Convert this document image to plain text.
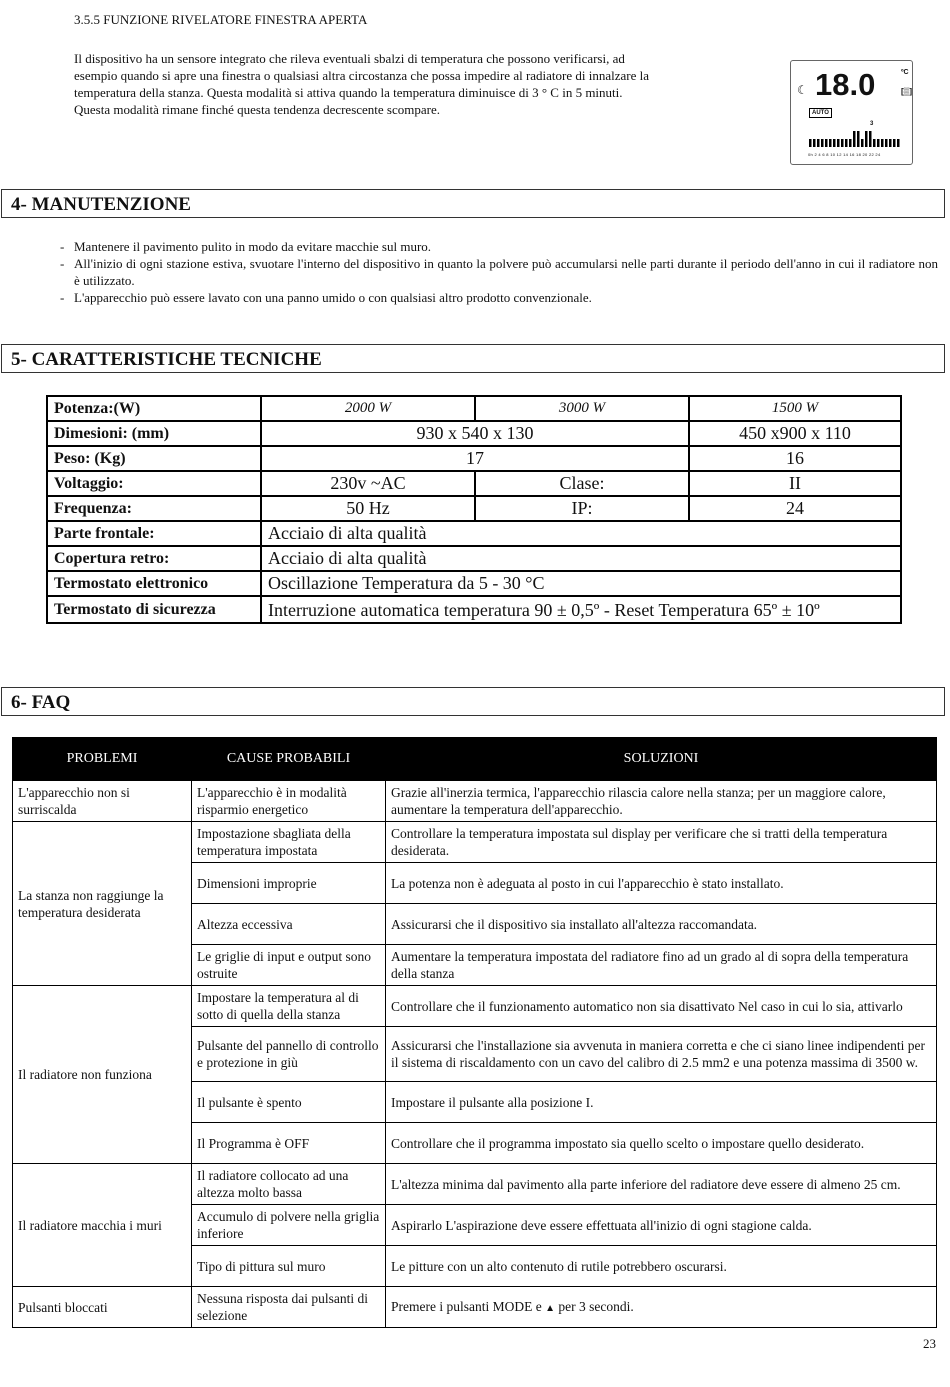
3.5.5 FUNZIONE RIVELATORE FINESTRA APERTA
Il dispositivo ha un sensore integrato che rileva eventuali sbalzi di temperatura che possono verificarsi, ad
esempio quando si apre una finestra o qualsiasi altra circostanza che possa impedire al radiatore di innalzare la
temperatura della stanza. Questa modalità si attiva quando la temperatura diminuisce di 3 ° C in 5 minuti.
Questa modalità rimane finché questa tendenza decrescente scompare.
☾ 18.0	ºC
[▒]
AUTO
3
0h 2 4 6 8 10 12 14 16 18 20 22 24
4- MANUTENZIONE
- Mantenere il pavimento pulito in modo da evitare macchie sul muro.
- All'inizio di ogni stazione estiva, svuotare l'interno del dispositivo in quanto la polvere può accumularsi nelle parti durante il periodo dell'anno in cui il radiatore non è utilizzato.
- L'apparecchio può essere lavato con una panno umido o con qualsiasi altro prodotto convenzionale.
5- CARATTERISTICHE TECNICHE
Potenza:(W)	2000 W	3000 W	1500 W
Dimesioni: (mm)	930 x 540 x 130		450 x900 x 110
Peso: (Kg)	17		16
Voltaggio:	230v ~AC	Clase:	II
Frequenza:	50 Hz	IP:	24
Parte frontale:	Acciaio di alta qualità		
Copertura retro:	Acciaio di alta qualità		
Termostato elettronico	Oscillazione Temperatura da 5 - 30 °C		
Termostato di sicurezza	Interruzione automatica temperatura 90 ± 0,5º - Reset Temperatura 65º ± 10º		
6- FAQ
PROBLEMI	CAUSE PROBABILI	SOLUZIONI
L'apparecchio non si surriscalda	L'apparecchio è in modalità risparmio energetico	Grazie all'inerzia termica, l'apparecchio rilascia calore nella stanza; per un maggiore calore, aumentare la temperatura dell'apparecchio.
La stanza non raggiunge la temperatura desiderata	Impostazione sbagliata della temperatura impostata	Controllare la temperatura impostata sul display per verificare che si tratti della temperatura desiderata.
	Dimensioni improprie	La potenza non è adeguata al posto in cui l'apparecchio è stato installato.
	Altezza eccessiva	Assicurarsi che il dispositivo sia installato all'altezza raccomandata.
	Le griglie di input e output sono ostruite	Aumentare la temperatura impostata del radiatore fino ad un grado al di sopra della temperatura della stanza
Il radiatore non funziona	Impostare la temperatura al di sotto di quella della stanza	Controllare che il funzionamento automatico non sia disattivato Nel caso in cui lo sia, attivarlo
	Pulsante del pannello di controllo e protezione in giù	Assicurarsi che l'installazione sia avvenuta in maniera corretta e che ci siano linee indipendenti per il sistema di riscaldamento con un cavo del calibro di 2.5 mm2 e una potenza massima di 3500 w.
	Il pulsante è spento	Impostare il pulsante alla posizione I.
	Il Programma è OFF	Controllare che il programma impostato sia quello scelto o impostare quello desiderato.
Il radiatore macchia i muri	Il radiatore collocato ad una altezza molto bassa	L'altezza minima dal pavimento alla parte inferiore del radiatore deve essere di almeno 25 cm.
	Accumulo di polvere nella griglia inferiore	Aspirarlo L'aspirazione deve essere effettuata all'inizio di ogni stagione calda.
	Tipo di pittura sul muro	Le pitture con un alto contenuto di rutile potrebbero oscurarsi.
Pulsanti bloccati	Nessuna risposta dai pulsanti di selezione	Premere i pulsanti MODE e ▲ per 3 secondi.
23
